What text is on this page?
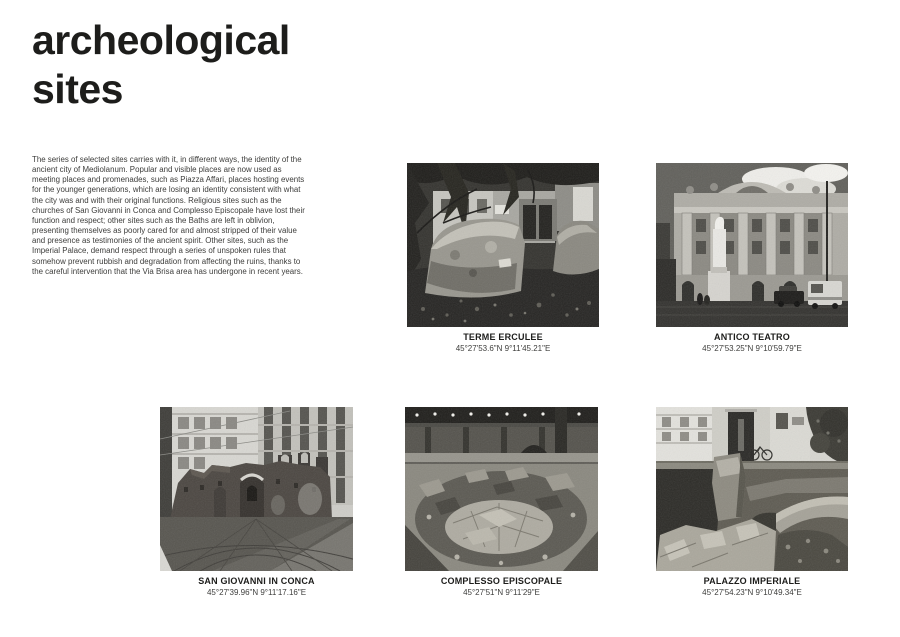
archeological
sites

The series of selected sites carries with it, in different ways, the identity of the ancient city of Mediolanum. Popular and visible places are now used as meeting places and promenades, such as Piazza Affari, places hosting events for the younger generations, which are losing an identity consistent with what the city was and with their original functions. Religious sites such as the churches of San Giovanni in Conca and Complesso Episcopale have lost their function and respect; other sites such as the Baths are left in oblivion, presenting themselves as poorly cared for and almost stripped of their value and presence as testimonies of the ancient spirit. Other sites, such as the Imperial Palace, demand respect through a series of unspoken rules that somehow prevent rubbish and degradation from affecting the ruins, thanks to the careful intervention that the Via Brisa area has undergone in recent years.

TERME ERCULEE
45°27'53.6"N 9°11'45.21"E
ANTICO TEATRO
45°27'53.25"N 9°10'59.79"E
SAN GIOVANNI IN CONCA
45°27'39.96"N 9°11'17.16"E
COMPLESSO EPISCOPALE
45°27'51"N 9°11'29"E
PALAZZO IMPERIALE
45°27'54.23"N 9°10'49.34"E
